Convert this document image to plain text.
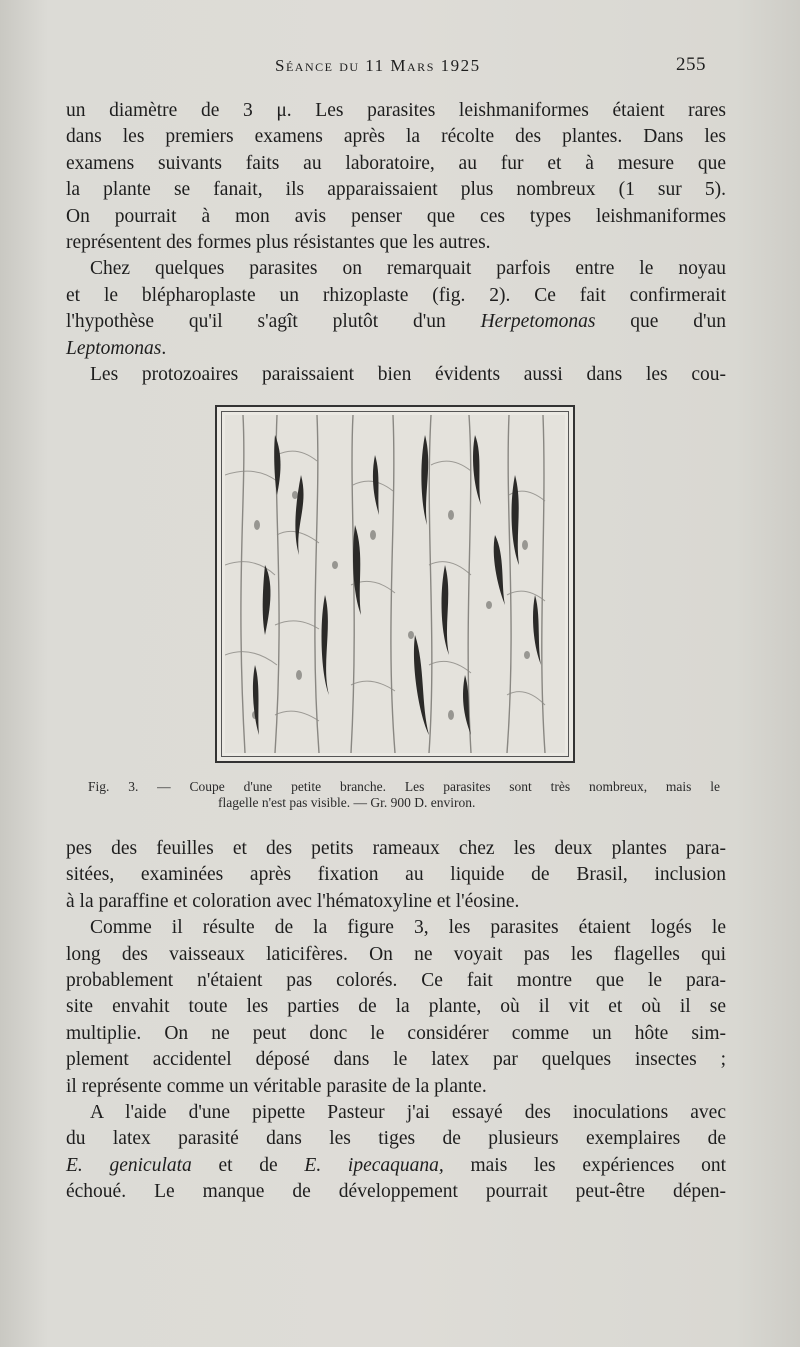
Séance du 11 Mars 1925	255

un diamètre de 3 μ. Les parasites leishmaniformes étaient rares

dans les premiers examens après la récolte des plantes. Dans les

examens suivants faits au laboratoire, au fur et à mesure que

la plante se fanait, ils apparaissaient plus nombreux (1 sur 5).

On pourrait à mon avis penser que ces types leishmaniformes

représentent des formes plus résistantes que les autres.

Chez quelques parasites on remarquait parfois entre le noyau

et le blépharoplaste un rhizoplaste (fig. 2). Ce fait confirmerait

l'hypothèse qu'il s'agît plutôt d'un Herpetomonas que d'un

Leptomonas.

Les protozoaires paraissaient bien évidents aussi dans les cou-

Fig. 3. — Coupe d'une petite branche. Les parasites sont très nombreux, mais le
flagelle n'est pas visible. — Gr. 900 D. environ.

pes des feuilles et des petits rameaux chez les deux plantes para-

sitées, examinées après fixation au liquide de Brasil, inclusion

à la paraffine et coloration avec l'hématoxyline et l'éosine.

Comme il résulte de la figure 3, les parasites étaient logés le

long des vaisseaux laticifères. On ne voyait pas les flagelles qui

probablement n'étaient pas colorés. Ce fait montre que le para-

site envahit toute les parties de la plante, où il vit et où il se

multiplie. On ne peut donc le considérer comme un hôte sim-

plement accidentel déposé dans le latex par quelques insectes ;

il représente comme un véritable parasite de la plante.

A l'aide d'une pipette Pasteur j'ai essayé des inoculations avec

du latex parasité dans les tiges de plusieurs exemplaires de

E. geniculata et de E. ipecaquana, mais les expériences ont

échoué. Le manque de développement pourrait peut-être dépen-
